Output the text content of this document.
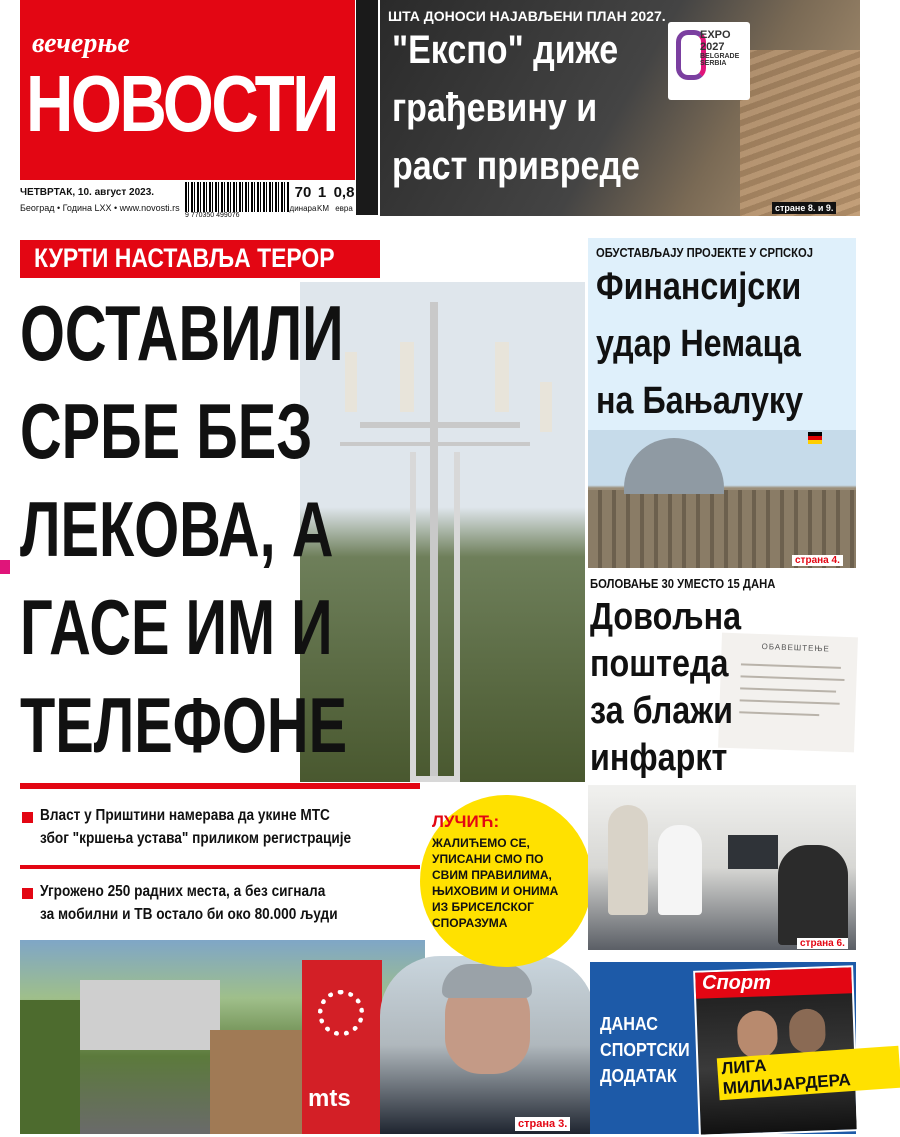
вечерње
НОВОСТИ
ЧЕТВРТАК, 10. август 2023.
Београд • Година LXX • www.novosti.rs
9 770350 499076
70
динара
1
KM
0,8
евра
ШТА ДОНОСИ НАЈАВЉЕНИ ПЛАН 2027.
"Експо" диже
грађевину и
раст привреде
EXPO
2027
BELGRADE
SERBIA
стране 8. и 9.
КУРТИ НАСТАВЉА ТЕРОР
ОСТАВИЛИ
СРБЕ БЕЗ
ЛЕКОВА, А
ГАСЕ ИМ И
ТЕЛЕФОНЕ
Власт у Приштини намерава да укине МТС
због "кршења устава" приликом регистрације
Угрожено 250 радних места, а без сигнала
за мобилни и ТВ остало би око 80.000 људи
mts
страна 3.
ЛУЧИЋ:
ЖАЛИЋЕМО СЕ,
УПИСАНИ СМО ПО
СВИМ ПРАВИЛИМА,
ЊИХОВИМ И ОНИМА
ИЗ БРИСЕЛСКОГ
СПОРАЗУМА
ОБУСТАВЉАЈУ ПРОЈЕКТЕ У СРПСКОЈ
Финансијски
удар Немаца
на Бањалуку
страна 4.
БОЛОВАЊЕ 30 УМЕСТО 15 ДАНА
ОБАВЕШТЕЊЕ
Довољна
поштеда
за блажи
инфаркт
страна 6.
ДАНАС
СПОРТСКИ
ДОДАТАК
Спорт
ЛИГА МИЛИЈАРДЕРА
